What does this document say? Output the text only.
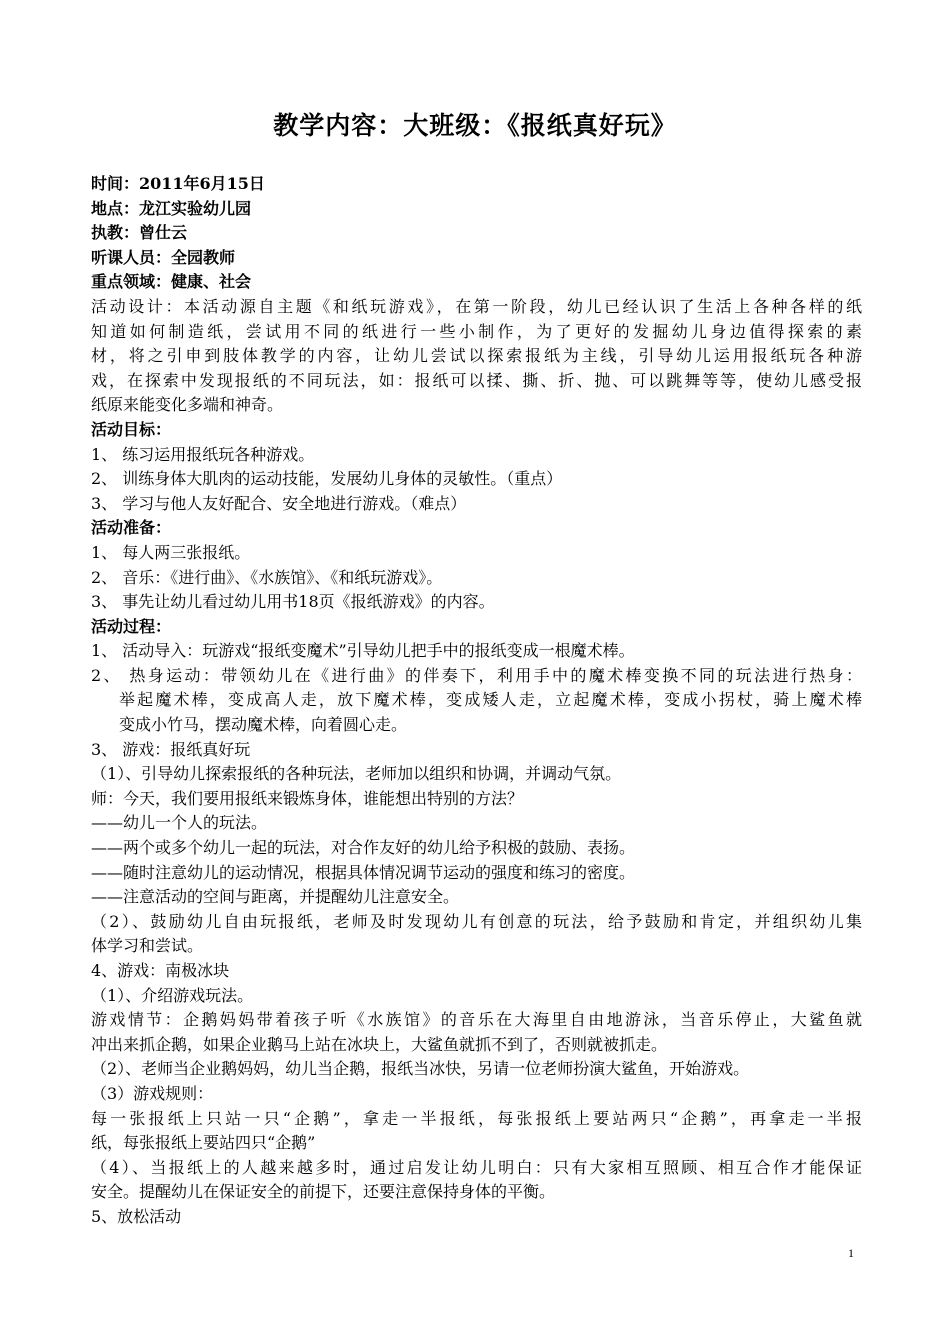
教学内容：大班级：《报纸真好玩》
时间：2011年6月15日
地点：龙江实验幼儿园
执教：曾仕云
听课人员：全园教师
重点领域：健康、社会
活动设计：本活动源自主题《和纸玩游戏》，在第一阶段，幼儿已经认识了生活上各种各样的纸
知道如何制造纸，尝试用不同的纸进行一些小制作，为了更好的发掘幼儿身边值得探索的素
材，将之引申到肢体教学的内容，让幼儿尝试以探索报纸为主线，引导幼儿运用报纸玩各种游
戏，在探索中发现报纸的不同玩法，如：报纸可以揉、撕、折、抛、可以跳舞等等，使幼儿感受报
纸原来能变化多端和神奇。
活动目标：
1、 练习运用报纸玩各种游戏。
2、 训练身体大肌肉的运动技能，发展幼儿身体的灵敏性。（重点）
3、 学习与他人友好配合、安全地进行游戏。（难点）
活动准备：
1、 每人两三张报纸。
2、 音乐：《进行曲》、《水族馆》、《和纸玩游戏》。
3、 事先让幼儿看过幼儿用书18页《报纸游戏》的内容。
活动过程：
1、 活动导入：玩游戏“报纸变魔术”引导幼儿把手中的报纸变成一根魔术棒。
2、 热身运动：带领幼儿在《进行曲》的伴奏下，利用手中的魔术棒变换不同的玩法进行热身：
举起魔术棒，变成高人走，放下魔术棒，变成矮人走，立起魔术棒，变成小拐杖，骑上魔术棒
变成小竹马，摆动魔术棒，向着圆心走。
3、 游戏：报纸真好玩
（1）、引导幼儿探索报纸的各种玩法，老师加以组织和协调，并调动气氛。
师：今天，我们要用报纸来锻炼身体，谁能想出特别的方法？
——幼儿一个人的玩法。
——两个或多个幼儿一起的玩法，对合作友好的幼儿给予积极的鼓励、表扬。
——随时注意幼儿的运动情况，根据具体情况调节运动的强度和练习的密度。
——注意活动的空间与距离，并提醒幼儿注意安全。
（2）、鼓励幼儿自由玩报纸，老师及时发现幼儿有创意的玩法，给予鼓励和肯定，并组织幼儿集
体学习和尝试。
4、游戏：南极冰块
（1）、介绍游戏玩法。
游戏情节：企鹅妈妈带着孩子听《水族馆》的音乐在大海里自由地游泳，当音乐停止，大鲨鱼就
冲出来抓企鹅，如果企业鹅马上站在冰块上，大鲨鱼就抓不到了，否则就被抓走。
（2）、老师当企业鹅妈妈，幼儿当企鹅，报纸当冰快，另请一位老师扮演大鲨鱼，开始游戏。
（3）游戏规则：
每一张报纸上只站一只“企鹅”，拿走一半报纸，每张报纸上要站两只“企鹅”，再拿走一半报
纸，每张报纸上要站四只“企鹅”
（4）、当报纸上的人越来越多时，通过启发让幼儿明白：只有大家相互照顾、相互合作才能保证
安全。提醒幼儿在保证安全的前提下，还要注意保持身体的平衡。
5、放松活动
1
